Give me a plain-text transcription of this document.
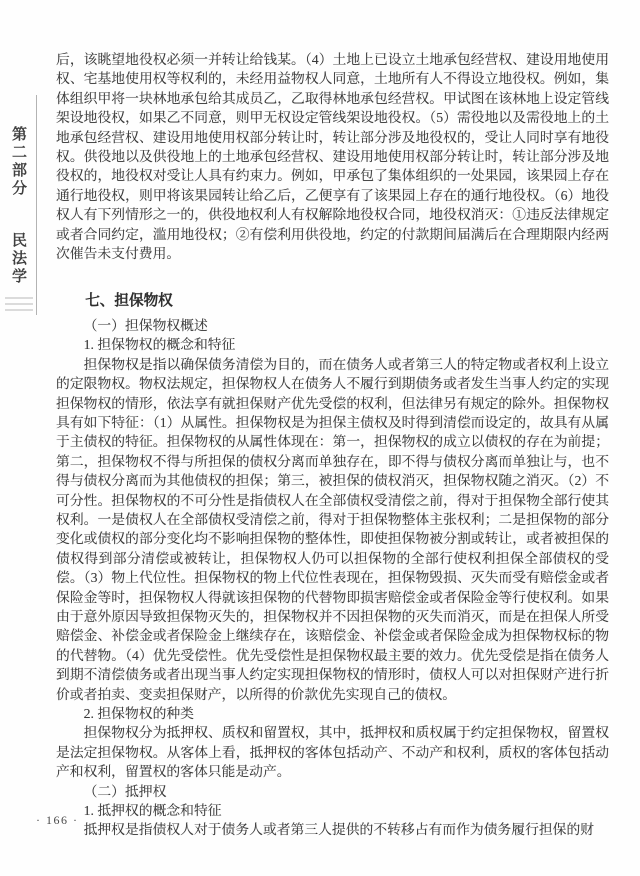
第二部分 民法学

后，该眺望地役权必须一并转让给钱某。（4）土地上已设立土地承包经营权、建设用地使用权、宅基地使用权等权利的，未经用益物权人同意，土地所有人不得设立地役权。例如，集体组织甲将一块林地承包给其成员乙，乙取得林地承包经营权。甲试图在该林地上设定管线架设地役权，如果乙不同意，则甲无权设定管线架设地役权。（5）需役地以及需役地上的土地承包经营权、建设用地使用权部分转让时，转让部分涉及地役权的，受让人同时享有地役权。供役地以及供役地上的土地承包经营权、建设用地使用权部分转让时，转让部分涉及地役权的，地役权对受让人具有约束力。例如，甲承包了集体组织的一处果园，该果园上存在通行地役权，则甲将该果园转让给乙后，乙便享有了该果园上存在的通行地役权。（6）地役权人有下列情形之一的，供役地权利人有权解除地役权合同，地役权消灭：①违反法律规定或者合同约定，滥用地役权；②有偿利用供役地，约定的付款期间届满后在合理期限内经两次催告未支付费用。

七、担保物权

（一）担保物权概述

1. 担保物权的概念和特征

担保物权是指以确保债务清偿为目的，而在债务人或者第三人的特定物或者权利上设立的定限物权。物权法规定，担保物权人在债务人不履行到期债务或者发生当事人约定的实现担保物权的情形，依法享有就担保财产优先受偿的权利，但法律另有规定的除外。担保物权具有如下特征：（1）从属性。担保物权是为担保主债权及时得到清偿而设定的，故具有从属于主债权的特征。担保物权的从属性体现在：第一，担保物权的成立以债权的存在为前提；第二，担保物权不得与所担保的债权分离而单独存在，即不得与债权分离而单独让与，也不得与债权分离而为其他债权的担保；第三，被担保的债权消灭，担保物权随之消灭。（2）不可分性。担保物权的不可分性是指债权人在全部债权受清偿之前，得对于担保物全部行使其权利。一是债权人在全部债权受清偿之前，得对于担保物整体主张权利；二是担保物的部分变化或债权的部分变化均不影响担保物的整体性，即使担保物被分割或转让，或者被担保的债权得到部分清偿或被转让，担保物权人仍可以担保物的全部行使权利担保全部债权的受偿。（3）物上代位性。担保物权的物上代位性表现在，担保物毁损、灭失而受有赔偿金或者保险金等时，担保物权人得就该担保物的代替物即损害赔偿金或者保险金等行使权利。如果由于意外原因导致担保物灭失的，担保物权并不因担保物的灭失而消灭，而是在担保人所受赔偿金、补偿金或者保险金上继续存在，该赔偿金、补偿金或者保险金成为担保物权标的物的代替物。（4）优先受偿性。优先受偿性是担保物权最主要的效力。优先受偿是指在债务人到期不清偿债务或者出现当事人约定实现担保物权的情形时，债权人可以对担保财产进行折价或者拍卖、变卖担保财产，以所得的价款优先实现自己的债权。

2. 担保物权的种类

担保物权分为抵押权、质权和留置权，其中，抵押权和质权属于约定担保物权，留置权是法定担保物权。从客体上看，抵押权的客体包括动产、不动产和权利，质权的客体包括动产和权利，留置权的客体只能是动产。

（二）抵押权

1. 抵押权的概念和特征

抵押权是指债权人对于债务人或者第三人提供的不转移占有而作为债务履行担保的财

· 166 ·
